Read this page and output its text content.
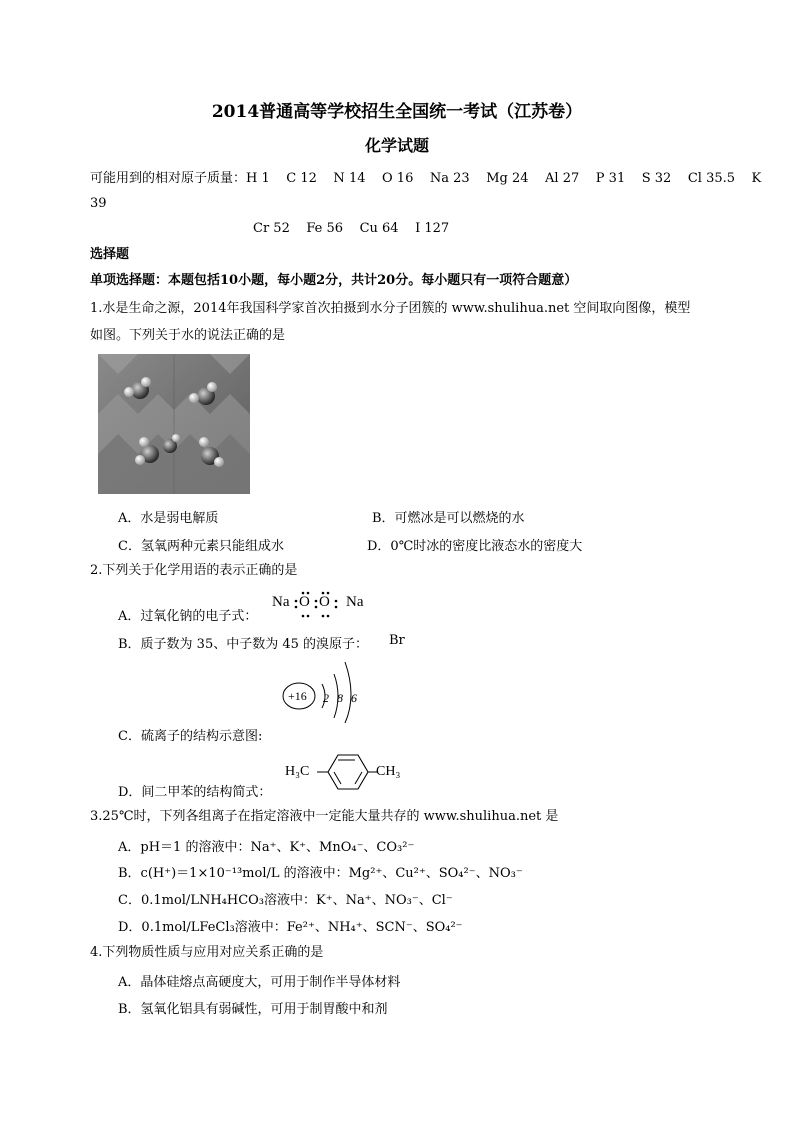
2014普通高等学校招生全国统一考试（江苏卷）
化学试题
可能用到的相对原子质量：H 1    C 12    N 14    O 16    Na 23    Mg 24    Al 27    P 31    S 32    Cl 35.5    K
39
Cr 52    Fe 56    Cu 64    I 127
选择题
单项选择题：本题包括10小题，每小题2分，共计20分。每小题只有一项符合题意）
1.水是生命之源，2014年我国科学家首次拍摄到水分子团簇的 www.shulihua.net 空间取向图像，模型
如图。下列关于水的说法正确的是
A．水是弱电解质	B．可燃冰是可以燃烧的水
C．氢氧两种元素只能组成水	D．0℃时冰的密度比液态水的密度大
2.下列关于化学用语的表示正确的是
A．过氧化钠的电子式：
Na O O Na
B．质子数为 35、中子数为 45 的溴原子： Br
+16 2 8 6
C．硫离子的结构示意图:
H₃C	CH₃
D．间二甲苯的结构简式：
3.25℃时，下列各组离子在指定溶液中一定能大量共存的 www.shulihua.net 是
A．pH＝1 的溶液中：Na⁺、K⁺、MnO₄⁻、CO₃²⁻
B．c(H⁺)＝1×10⁻¹³mol/L 的溶液中：Mg²⁺、Cu²⁺、SO₄²⁻、NO₃⁻
C．0.1mol/LNH₄HCO₃溶液中：K⁺、Na⁺、NO₃⁻、Cl⁻
D．0.1mol/LFeCl₃溶液中：Fe²⁺、NH₄⁺、SCN⁻、SO₄²⁻
4.下列物质性质与应用对应关系正确的是
A．晶体硅熔点高硬度大，可用于制作半导体材料
B．氢氧化铝具有弱碱性，可用于制胃酸中和剂
